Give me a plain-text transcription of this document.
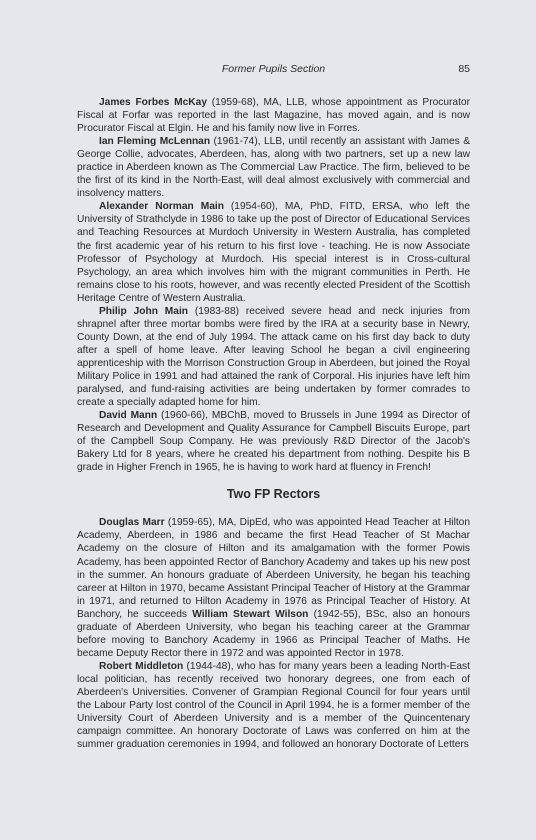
Former Pupils Section	85

James Forbes McKay (1959-68), MA, LLB, whose appointment as Procurator Fiscal at Forfar was reported in the last Magazine, has moved again, and is now Procurator Fiscal at Elgin. He and his family now live in Forres.

Ian Fleming McLennan (1961-74), LLB, until recently an assistant with James & George Collie, advocates, Aberdeen, has, along with two partners, set up a new law practice in Aberdeen known as The Commercial Law Practice. The firm, believed to be the first of its kind in the North-East, will deal almost exclusively with commercial and insolvency matters.

Alexander Norman Main (1954-60), MA, PhD, FITD, ERSA, who left the University of Strathclyde in 1986 to take up the post of Director of Educational Services and Teaching Resources at Murdoch University in Western Australia, has completed the first academic year of his return to his first love - teaching. He is now Associate Professor of Psychology at Murdoch. His special interest is in Cross-cultural Psychology, an area which involves him with the migrant communities in Perth. He remains close to his roots, however, and was recently elected President of the Scottish Heritage Centre of Western Australia.

Philip John Main (1983-88) received severe head and neck injuries from shrapnel after three mortar bombs were fired by the IRA at a security base in Newry, County Down, at the end of July 1994. The attack came on his first day back to duty after a spell of home leave. After leaving School he began a civil engineering apprenticeship with the Morrison Construction Group in Aberdeen, but joined the Royal Military Police in 1991 and had attained the rank of Corporal. His injuries have left him paralysed, and fund-raising activities are being undertaken by former comrades to create a specially adapted home for him.

David Mann (1960-66), MBChB, moved to Brussels in June 1994 as Director of Research and Development and Quality Assurance for Campbell Biscuits Europe, part of the Campbell Soup Company. He was previously R&D Director of the Jacob's Bakery Ltd for 8 years, where he created his department from nothing. Despite his B grade in Higher French in 1965, he is having to work hard at fluency in French!

Two FP Rectors

Douglas Marr (1959-65), MA, DipEd, who was appointed Head Teacher at Hilton Academy, Aberdeen, in 1986 and became the first Head Teacher of St Machar Academy on the closure of Hilton and its amalgamation with the former Powis Academy, has been appointed Rector of Banchory Academy and takes up his new post in the summer. An honours graduate of Aberdeen University, he began his teaching career at Hilton in 1970, became Assistant Principal Teacher of History at the Grammar in 1971, and returned to Hilton Academy in 1976 as Principal Teacher of History. At Banchory, he succeeds William Stewart Wilson (1942-55), BSc, also an honours graduate of Aberdeen University, who began his teaching career at the Grammar before moving to Banchory Academy in 1966 as Principal Teacher of Maths. He became Deputy Rector there in 1972 and was appointed Rector in 1978.

Robert Middleton (1944-48), who has for many years been a leading North-East local politician, has recently received two honorary degrees, one from each of Aberdeen's Universities. Convener of Grampian Regional Council for four years until the Labour Party lost control of the Council in April 1994, he is a former member of the University Court of Aberdeen University and is a member of the Quincentenary campaign committee. An honorary Doctorate of Laws was conferred on him at the summer graduation ceremonies in 1994, and followed an honorary Doctorate of Letters
